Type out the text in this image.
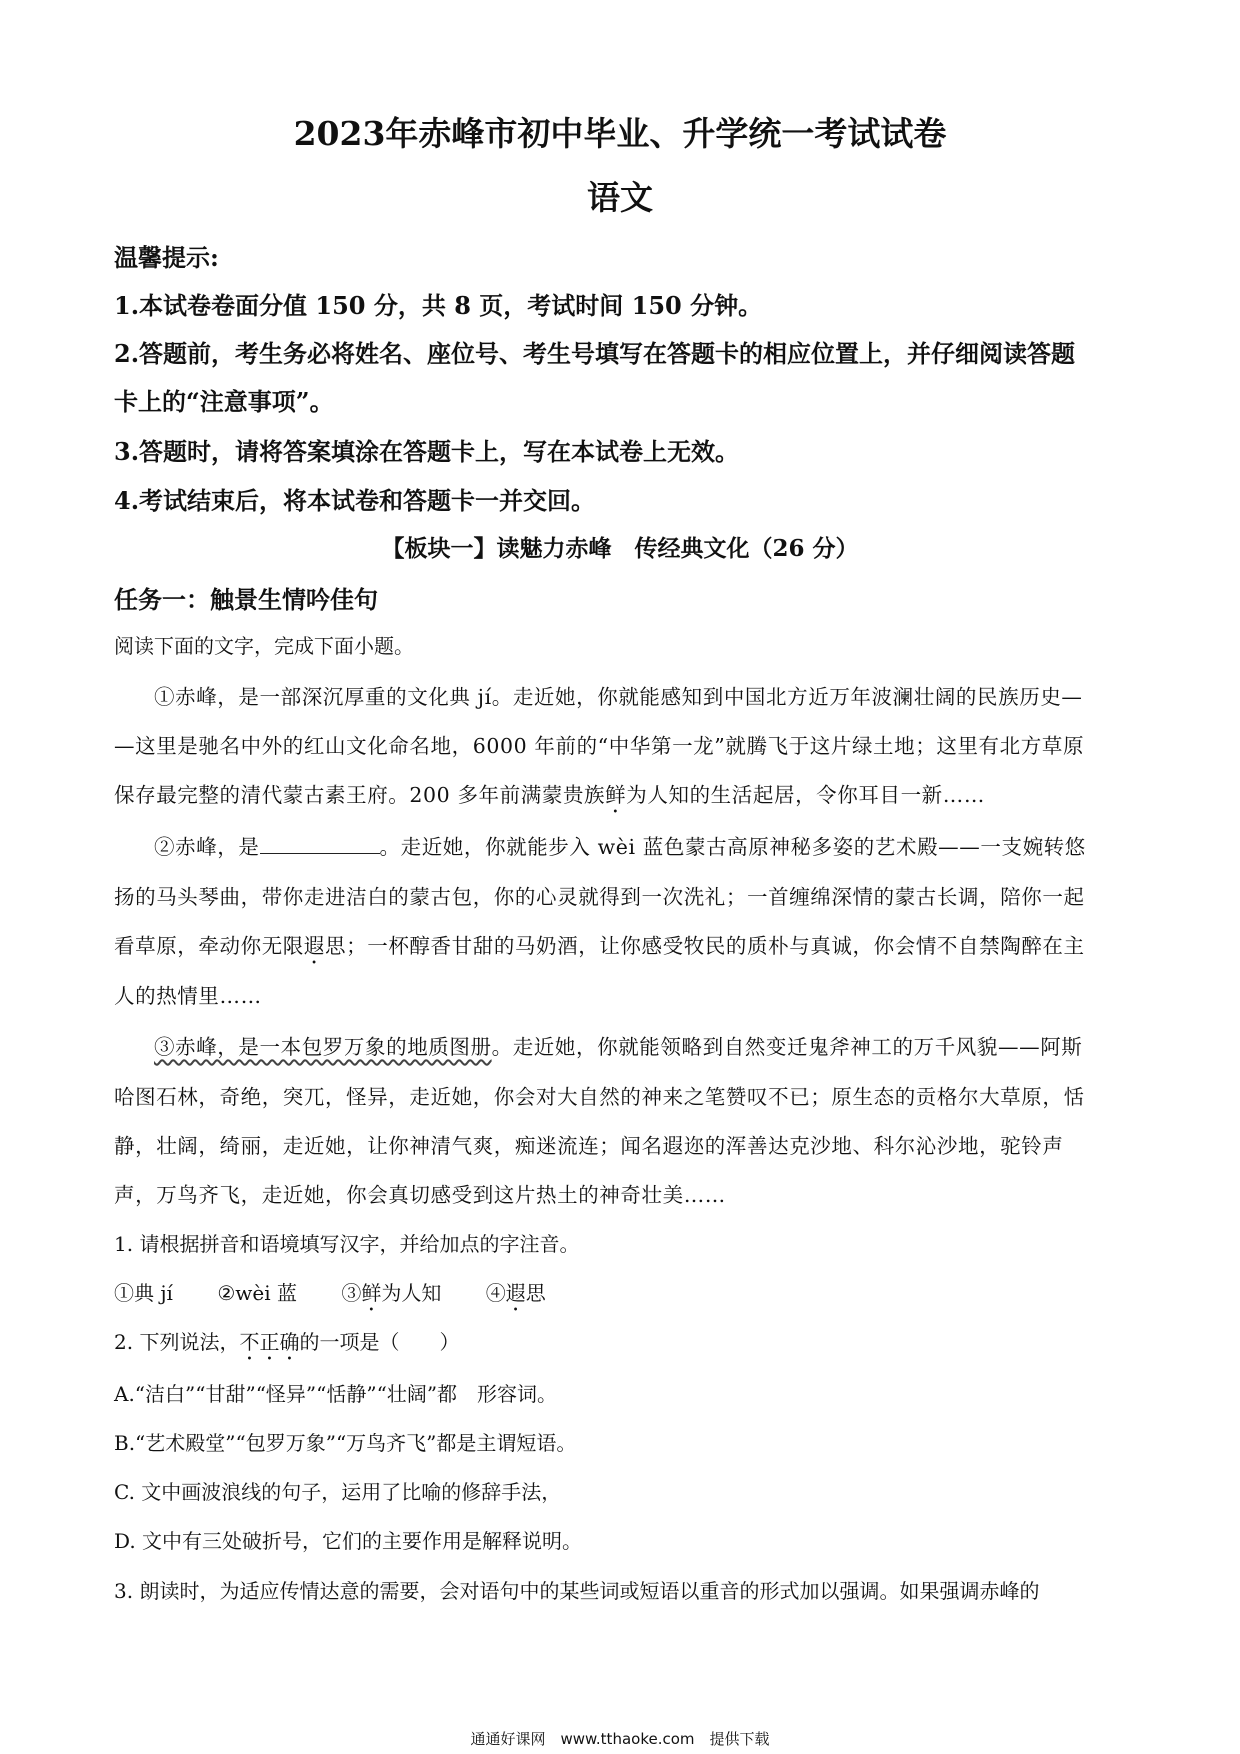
2023年赤峰市初中毕业、升学统一考试试卷
语文
温馨提示:
1.本试卷卷面分值 150 分，共 8 页，考试时间 150 分钟。
2.答题前，考生务必将姓名、座位号、考生号填写在答题卡的相应位置上，并仔细阅读答题
卡上的“注意事项”。
3.答题时，请将答案填涂在答题卡上，写在本试卷上无效。
4.考试结束后，将本试卷和答题卡一并交回。
【板块一】读魅力赤峰　传经典文化（26 分）
任务一：触景生情吟佳句
阅读下面的文字，完成下面小题。
①赤峰，是一部深沉厚重的文化典 jí。走近她，你就能感知到中国北方近万年波澜壮阔的民族历史—
—这里是驰名中外的红山文化命名地，6000 年前的“中华第一龙”就腾飞于这片绿土地；这里有北方草原
保存最完整的清代蒙古素王府。200 多年前满蒙贵族鲜为人知的生活起居，令你耳目一新……
②赤峰，是	。走近她，你就能步入 wèi 蓝色蒙古高原神秘多姿的艺术殿——一支婉转悠
扬的马头琴曲，带你走进洁白的蒙古包，你的心灵就得到一次洗礼；一首缠绵深情的蒙古长调，陪你一起
看草原，牵动你无限遐思；一杯醇香甘甜的马奶酒，让你感受牧民的质朴与真诚，你会情不自禁陶醉在主
人的热情里……
③赤峰，是一本包罗万象的地质图册。走近她，你就能领略到自然变迁鬼斧神工的万千风貌——阿斯
哈图石林，奇绝，突兀，怪异，走近她，你会对大自然的神来之笔赞叹不已；原生态的贡格尔大草原，恬
静，壮阔，绮丽，走近她，让你神清气爽，痴迷流连；闻名遐迩的浑善达克沙地、科尔沁沙地，驼铃声
声，万鸟齐飞，走近她，你会真切感受到这片热土的神奇壮美……
1. 请根据拼音和语境填写汉字，并给加点的字注音。
①典 jí ②wèi 蓝 ③鲜为人知 ④遐思
2. 下列说法，不正确的一项是（　　）
A.“洁白”“甘甜”“怪异”“恬静”“壮阔”都　形容词。
B.“艺术殿堂”“包罗万象”“万鸟齐飞”都是主谓短语。
C. 文中画波浪线的句子，运用了比喻的修辞手法，
D. 文中有三处破折号，它们的主要作用是解释说明。
3. 朗读时，为适应传情达意的需要，会对语句中的某些词或短语以重音的形式加以强调。如果强调赤峰的
通通好课网　www.tthaoke.com　提供下载
